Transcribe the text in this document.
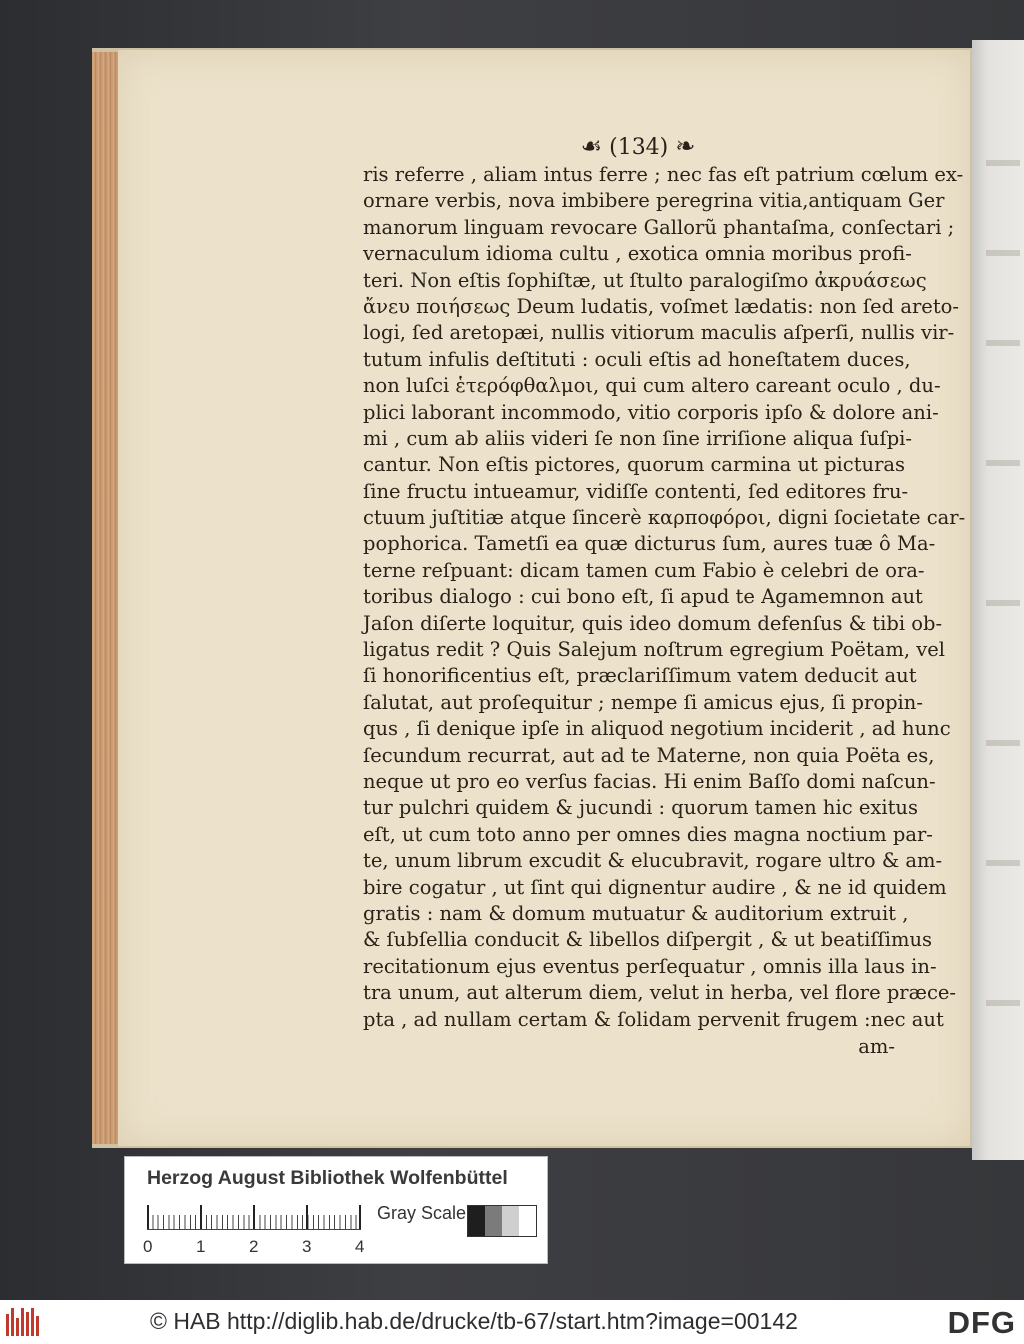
☙ (134) ❧
ris referre , aliam intus ferre ; nec fas eſt patrium cœlum ex-
ornare verbis, nova imbibere peregrina vitia,antiquam Ger
manorum linguam revocare Gallorũ phantaſma, conſectari ;
vernaculum idioma cultu , exotica omnia moribus profi-
teri. Non eſtis ſophiſtæ, ut ſtulto paralogiſmo ἀκρυάσεως
ἄνευ ποιήσεως Deum ludatis, voſmet lædatis: non ſed areto-
logi, ſed aretopæi, nullis vitiorum maculis aſperſi, nullis vir-
tutum infulis deſtituti : oculi eſtis ad honeſtatem duces,
non luſci ἑτερόφθαλμοι, qui cum altero careant oculo , du-
plici laborant incommodo, vitio corporis ipſo & dolore ani-
mi , cum ab aliis videri ſe non ſine irriſione aliqua ſuſpi-
cantur. Non eſtis pictores, quorum carmina ut picturas
ſine fructu intueamur, vidiſſe contenti, ſed editores fru-
ctuum juſtitiæ atque ſincerè καρποφόροι, digni ſocietate car-
pophorica. Tametſi ea quæ dicturus ſum, aures tuæ ô Ma-
terne reſpuant: dicam tamen cum Fabio è celebri de ora-
toribus dialogo : cui bono eſt, ſi apud te Agamemnon aut
Jaſon diſerte loquitur, quis ideo domum defenſus & tibi ob-
ligatus redit ? Quis Salejum noſtrum egregium Poëtam, vel
ſi honorificentius eſt, præclariſſimum vatem deducit aut
ſalutat, aut proſequitur ; nempe ſi amicus ejus, ſi propin-
qus , ſi denique ipſe in aliquod negotium inciderit , ad hunc
ſecundum recurrat, aut ad te Materne, non quia Poëta es,
neque ut pro eo verſus facias. Hi enim Baſſo domi naſcun-
tur pulchri quidem & jucundi : quorum tamen hic exitus
eſt, ut cum toto anno per omnes dies magna noctium par-
te, unum librum excudit & elucubravit, rogare ultro & am-
bire cogatur , ut ſint qui dignentur audire , & ne id quidem
gratis : nam & domum mutuatur & auditorium extruit ,
& ſubſellia conducit & libellos diſpergit , & ut beatiſſimus
recitationum ejus eventus perſequatur , omnis illa laus in-
tra unum, aut alterum diem, velut in herba, vel flore præce-
pta , ad nullam certam & ſolidam pervenit frugem :nec aut
am-
Herzog August Bibliothek Wolfenbüttel
0	1	2	3	4
Gray Scale
© HAB http://diglib.hab.de/drucke/tb-67/start.htm?image=00142	DFG
